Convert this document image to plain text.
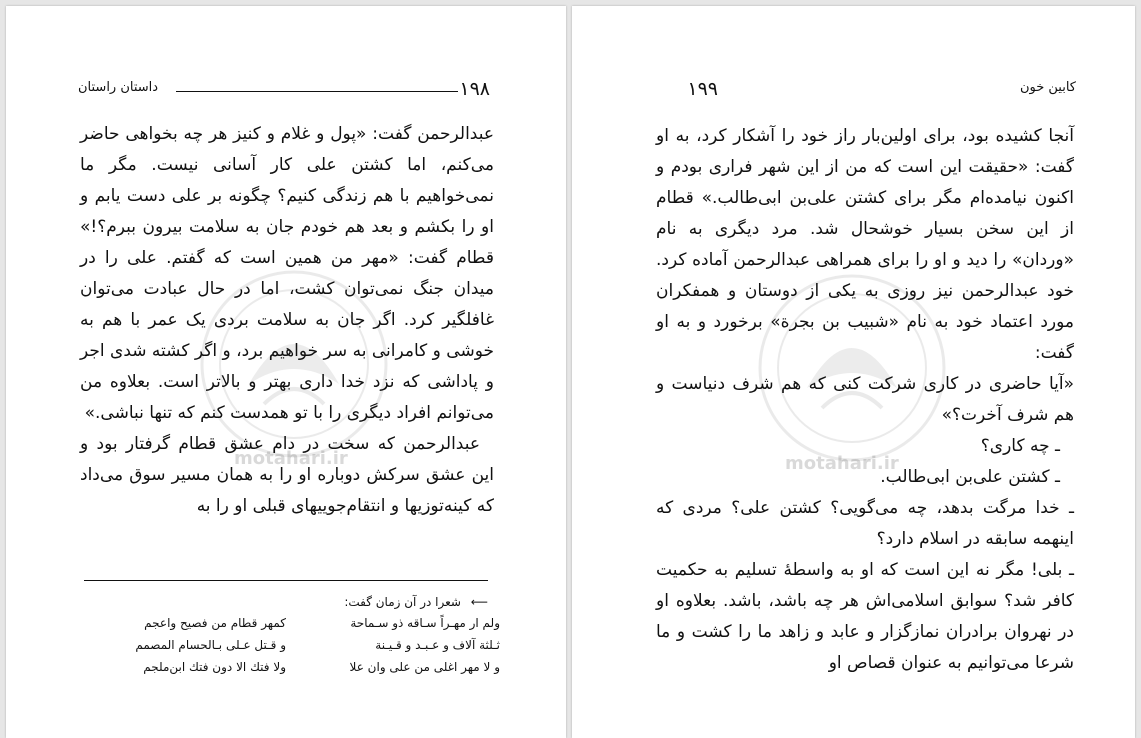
motahari.ir
۱۹۸
داستان راستان

عبدالرحمن گفت: «پول و غلام و کنیز هر چه بخواهی حاضر می‌کنم، اما کشتن علی کار آسانی نیست. مگر ما نمی‌خواهیم با هم زندگی کنیم؟ چگونه بر علی دست یابم و او را بکشم و بعد هم خودم جان به سلامت بیرون ببرم؟!» قطام گفت: «مهر من همین است که گفتم. علی را در میدان جنگ نمی‌توان کشت، اما در حال عبادت می‌توان غافلگیر کرد. اگر جان به سلامت بردی یک عمر با هم به خوشی و کامرانی به سر خواهیم برد، و اگر کشته شدی اجر و پاداشی که نزد خدا داری بهتر و بالاتر است. بعلاوه من می‌توانم افراد دیگری را با تو همدست کنم که تنها نباشی.»

عبدالرحمن که سخت در دام عشق قطام گرفتار بود و این عشق سرکش دوباره او را به همان مسیر سوق می‌داد که کینه‌توزیها و انتقام‌جوییهای قبلی او را به

⟵ شعرا در آن زمان گفت:
ولم ار مهـراً سـاقه ذو سـماحة
ثـلثة آلاف و عـبـد و قـيـنة
و لا مهر اغلى من على وان علا
كمهر قطام من فصيح واعجم
و قـتل عـلى بـالحسام المصمم
ولا فتك الا دون فتك ابن‌ملجم
motahari.ir
۱۹۹	کابین خون

آنجا کشیده بود، برای اولین‌بار راز خود را آشکار کرد، به او گفت: «حقیقت این است که من از این شهر فراری بودم و اکنون نیامده‌ام مگر برای کشتن علی‌بن ابی‌طالب.» قطام از این سخن بسیار خوشحال شد. مرد دیگری به نام «وردان» را دید و او را برای همراهی عبدالرحمن آماده کرد. خود عبدالرحمن نیز روزی به یکی از دوستان و همفکران مورد اعتماد خود به نام «شبیب بن بجرة» برخورد و به او گفت:

«آیا حاضری در کاری شرکت کنی که هم شرف دنیاست و هم شرف آخرت؟»

ـ چه کاری؟

ـ کشتن علی‌بن ابی‌طالب.

ـ خدا مرگت بدهد، چه می‌گویی؟ کشتن علی؟ مردی که اینهمه سابقه در اسلام دارد؟

ـ بلی! مگر نه این است که او به واسطهٔ تسلیم به حکمیت کافر شد؟ سوابق اسلامی‌اش هر چه باشد، باشد. بعلاوه او در نهروان برادران نمازگزار و عابد و زاهد ما را کشت و ما شرعا می‌توانیم به عنوان قصاص او
